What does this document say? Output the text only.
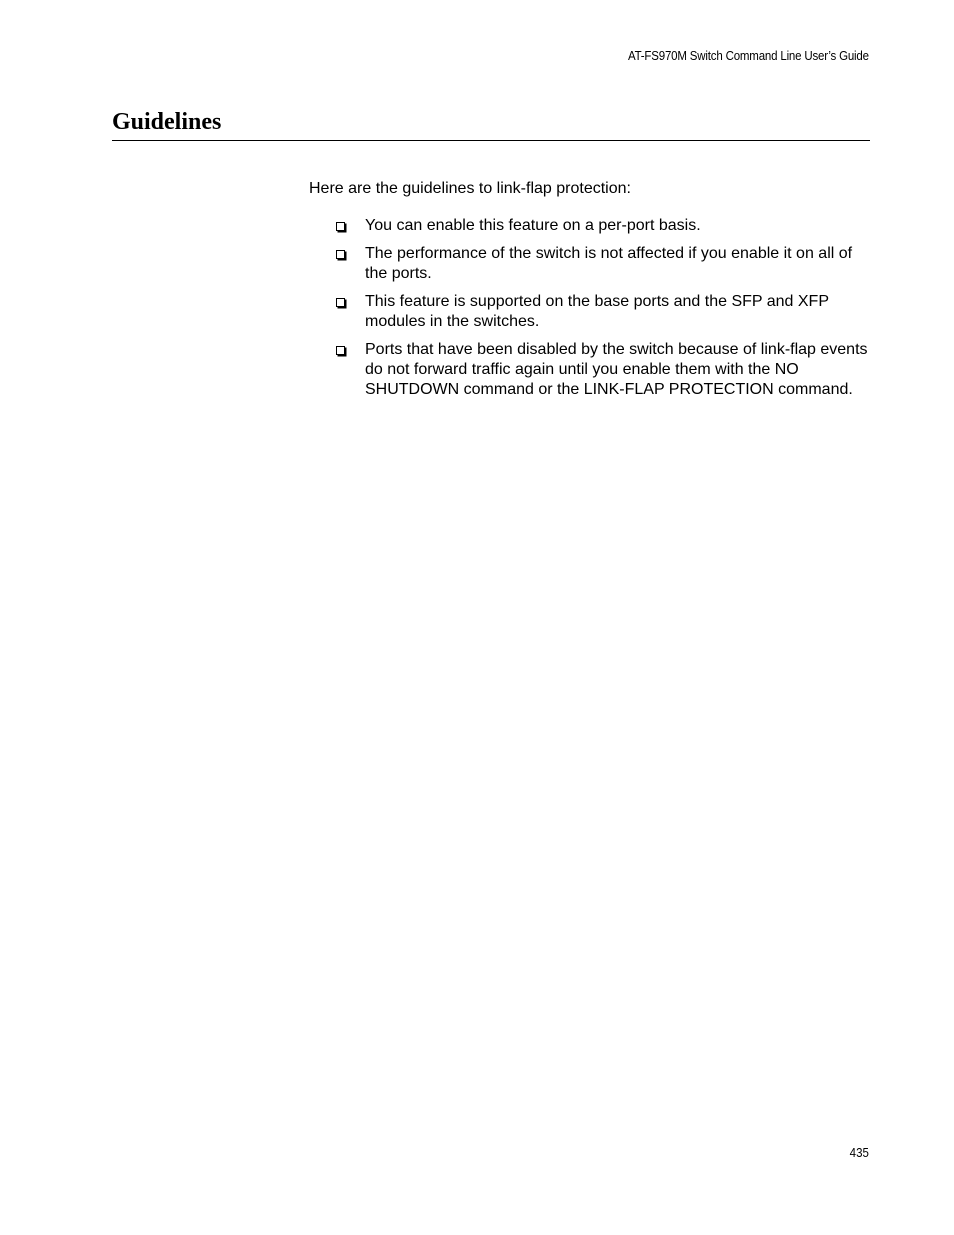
AT-FS970M Switch Command Line User’s Guide
Guidelines

Here are the guidelines to link-flap protection:

You can enable this feature on a per-port basis.
The performance of the switch is not affected if you enable it on all of the ports.
This feature is supported on the base ports and the SFP and XFP modules in the switches.
Ports that have been disabled by the switch because of link-flap events do not forward traffic again until you enable them with the NO SHUTDOWN command or the LINK-FLAP PROTECTION command.
435
